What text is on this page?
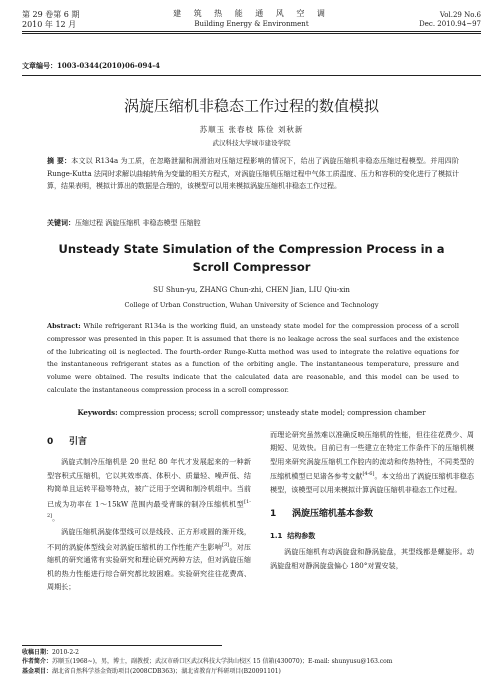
第 29 卷第 6 期
2010 年 12 月
建 筑 热 能 通 风 空 调
Building Energy & Environment
Vol.29 No.6
Dec. 2010.94~97
文章编号：1003-0344(2010)06-094-4
涡旋压缩机非稳态工作过程的数值模拟
苏顺玉 张春枝 陈俭 刘秋新
武汉科技大学城市建设学院
摘 要：本文以 R134a 为工质，在忽略泄漏和润滑油对压缩过程影响的情况下，给出了涡旋压缩机非稳态压缩过程模型。并用四阶 Runge-Kutta 法同时求解以曲轴转角为变量的相关方程式，对涡旋压缩机压缩过程中气体工质温度、压力和容积的变化进行了模拟计算，结果表明，模拟计算出的数据是合理的，该模型可以用来模拟涡旋压缩机非稳态工作过程。
关键词：压缩过程 涡旋压缩机 非稳态模型 压缩腔
Unsteady State Simulation of the Compression Process in a Scroll Compressor
SU Shun-yu, ZHANG Chun-zhi, CHEN Jian, LIU Qiu-xin
College of Urban Construction, Wuhan University of Science and Technology
Abstract: While refrigerant R134a is the working fluid, an unsteady state model for the compression process of a scroll compressor was presented in this paper. It is assumed that there is no leakage across the seal surfaces and the existence of the lubricating oil is neglected. The fourth-order Runge-Kutta method was used to integrate the relative equations for the instantaneous refrigerant states as a function of the orbiting angle. The instantaneous temperature, pressure and volume were obtained. The results indicate that the calculated data are reasonable, and this model can be used to calculate the instantaneous compression process in a scroll compressor.
Keywords: compression process; scroll compressor; unsteady state model; compression chamber
0 引言

涡旋式制冷压缩机是 20 世纪 80 年代才发展起来的一种新型容积式压缩机，它以其效率高、体积小、质量轻、噪声低、结构简单且运转平稳等特点，被广泛用于空调和制冷机组中。当前已成为功率在 1～15kW 范围内最受青睐的制冷压缩机机型[1-2]。

涡旋压缩机涡旋体型线可以是线段、正方形或圆的渐开线，不同的涡旋体型线会对涡旋压缩机的工作性能产生影响[3]。对压缩机的研究通常有实验研究和理论研究两种方法，但对涡旋压缩机的热力性能进行综合研究都比较困难。实验研究往往花费高、周期长；

而理论研究虽然难以准确反映压缩机的性能，但往往花费少、周期短、见效快。目前已有一些建立在特定工作条件下的压缩机模型用来研究涡旋压缩机工作腔内的流动和传热特性，不同类型的压缩机模型已见诸各参考文献[4-6]。本文给出了涡旋压缩机非稳态模型，该模型可以用来模拟计算涡旋压缩机非稳态工作过程。

1 涡旋压缩机基本参数
1.1 结构参数

涡旋压缩机有动涡旋盘和静涡旋盘，其型线都是螺旋形。动涡旋盘相对静涡旋盘偏心 180°对置安装，

收稿日期：2010-2-2
作者简介：苏顺玉(1968~)，男，博士，副教授；武汉市硚口区武汉科技大学洪山校区 15 信箱(430070)；E-mail: shunyusu@163.com
基金项目：湖北省自然科学基金资助项目(2008CDB363)；湖北省教育厅科研项目(B20091101)
